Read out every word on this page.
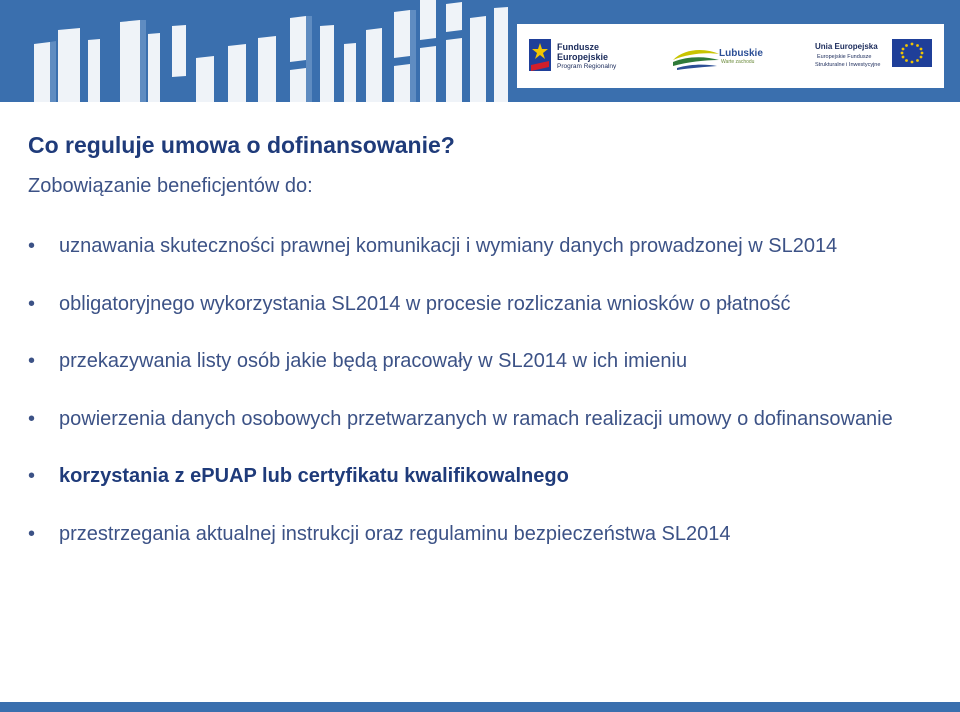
Fundusze
Europejskie
Program Regionalny
Lubuskie
Warte zachodu
Unia Europejska
Europejskie Fundusze
Strukturalne i Inwestycyjne
Co reguluje umowa o dofinansowanie?

Zobowiązanie beneficjentów do:

• uznawania skuteczności prawnej komunikacji i wymiany danych prowadzonej w SL2014
• obligatoryjnego wykorzystania SL2014 w procesie rozliczania wniosków o płatność
• przekazywania listy osób jakie będą pracowały w SL2014 w ich imieniu
• powierzenia danych osobowych przetwarzanych w ramach realizacji umowy o dofinansowanie
• korzystania z ePUAP lub certyfikatu kwalifikowalnego
• przestrzegania aktualnej instrukcji oraz regulaminu bezpieczeństwa SL2014
